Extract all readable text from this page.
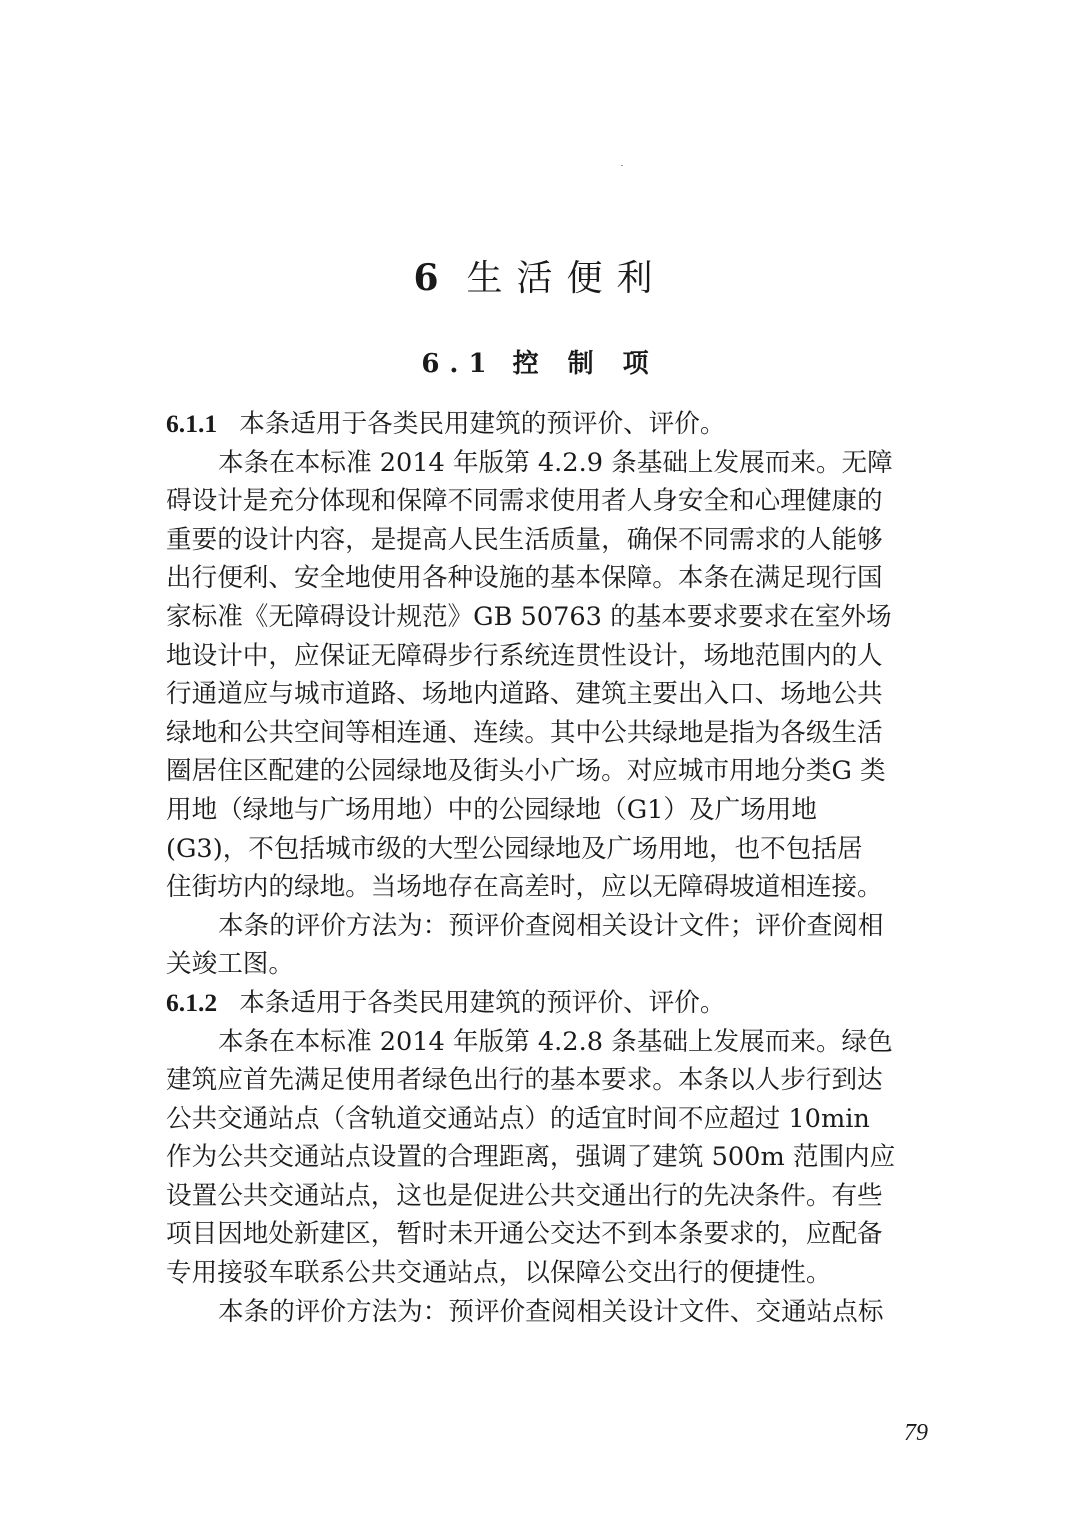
6 生活便利
6.1 控 制 项
6.1.1 本条适用于各类民用建筑的预评价、评价。
本条在本标准 2014 年版第 4.2.9 条基础上发展而来。无障
碍设计是充分体现和保障不同需求使用者人身安全和心理健康的
重要的设计内容，是提高人民生活质量，确保不同需求的人能够
出行便利、安全地使用各种设施的基本保障。本条在满足现行国
家标准《无障碍设计规范》GB 50763 的基本要求要求在室外场
地设计中，应保证无障碍步行系统连贯性设计，场地范围内的人
行通道应与城市道路、场地内道路、建筑主要出入口、场地公共
绿地和公共空间等相连通、连续。其中公共绿地是指为各级生活
圈居住区配建的公园绿地及街头小广场。对应城市用地分类G 类
用地（绿地与广场用地）中的公园绿地（G1）及广场用地
(G3)，不包括城市级的大型公园绿地及广场用地，也不包括居
住街坊内的绿地。当场地存在高差时，应以无障碍坡道相连接。
本条的评价方法为：预评价查阅相关设计文件；评价查阅相
关竣工图。
6.1.2 本条适用于各类民用建筑的预评价、评价。
本条在本标准 2014 年版第 4.2.8 条基础上发展而来。绿色
建筑应首先满足使用者绿色出行的基本要求。本条以人步行到达
公共交通站点（含轨道交通站点）的适宜时间不应超过 10min
作为公共交通站点设置的合理距离，强调了建筑 500m 范围内应
设置公共交通站点，这也是促进公共交通出行的先决条件。有些
项目因地处新建区，暂时未开通公交达不到本条要求的，应配备
专用接驳车联系公共交通站点，以保障公交出行的便捷性。
本条的评价方法为：预评价查阅相关设计文件、交通站点标
79
